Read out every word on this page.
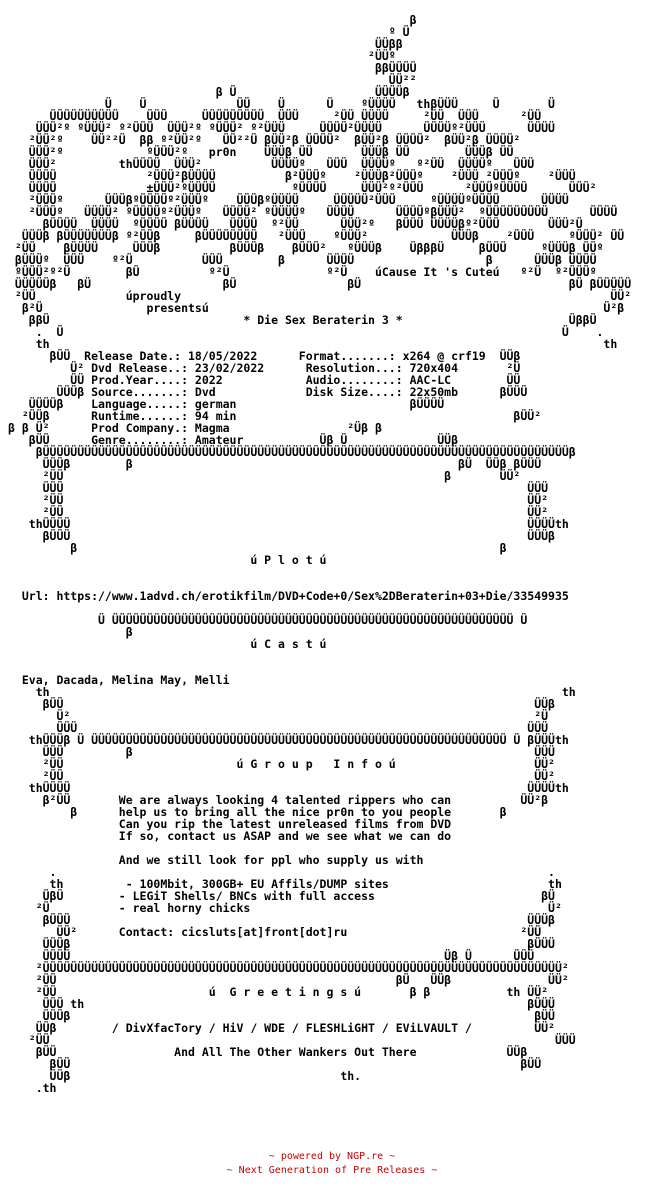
β
º Ü
ÜÜββ
²ÜÜº
ββÜÜÜÜ
ÜÜ²²
β Ü                    ÜÜÜÜβ
Ü    Ü             ÜÜ    Ü      Ü    ºÜÜÜÜ   thβÜÜÜ     Ü       Ü
ÜÜÜÜÜÜÜÜÜÜ    ÜÜÜ     ÜÜÜÜÜÜÜÜÜ  ÜÜÜ     ²ÜÜ ÜÜÜÜ     ²ÜÜ  ÜÜÜ      ²ÜÜ
ÜÜÜ²º ºÜÜÜ² º²ÜÜÜ  ÜÜÜ²º ºÜÜÜ² º²ÜÜÜ     ÜÜÜÜ²ÜÜÜÜ      ÜÜÜÜº²ÜÜÜ      ÜÜÜÜ
²ÜÜ²º    ÜÜ²²Ü  ββ º²ÜÜ²º   ÜÜ²²Ü βÜÜ²β ÜÜÜÜ²  βÜÜ²β ÜÜÜÜ²  βÜÜ²β ÜÜÜÜ²
ÜÜÜ²º            ºÜÜÜ²º   pr0n    ÜÜÜβ ÜÜ       ÜÜÜβ ÜÜ        ÜÜÜβ ÜÜ
ÜÜÜ²         thÜÜÜÜ  ÜÜÜ²          ÜÜÜÜº   ÜÜÜ  ÜÜÜÜº   º²ÜÜ  ÜÜÜÜº   ÜÜÜ
ÜÜÜÜ             ²ÜÜÜ²βÜÜÜÜ          β²ÜÜÜº    ²ÜÜÜβ²ÜÜÜº    ²ÜÜÜ ²ÜÜÜº    ²ÜÜÜ
ÜÜÜÜ             ±ÜÜÜ²ºÜÜÜÜ           ºÜÜÜÜ     ÜÜÜ²º²ÜÜÜ      ²ÜÜÜºÜÜÜÜ      ÜÜÜ²
²ÜÜÜº      ÜÜÜβºÜÜÜÜº²ÜÜÜº    ÜÜÜβºÜÜÜÜ     ÜÜÜÜÜ²ÜÜÜ     ºÜÜÜÜºÜÜÜÜ      ÜÜÜÜ
²ÜÜÜº   ÜÜÜÜ² ºÜÜÜÜº²ÜÜÜº   ÜÜÜÜ² ºÜÜÜÜº   ÜÜÜÜ      ÜÜÜÜºβÜÜÜ²  ºÜÜÜÜÜÜÜÜÜ      ÜÜÜÜ
βÜÜÜÜ  ÜÜÜÜ  ºÜÜÜÜ βÜÜÜÜ   ÜÜÜÜ  º²ÜÜ      ÜÜÜ²º   βÜÜÜ ÜÜÜÜβº²ÜÜÜ       ÜÜÜ²Ü
ÜÜÜβ βÜÜÜÜÜÜÜβ º²ÜÜβ     βÜÜÜÜÜÜÜÜ   ²ÜÜÜ    ºÜÜÜ²            ÜÜÜβ    ²ÜÜÜ     ºÜÜÜ² ÜÜ
²ÜÜ    βÜÜÜÜ     ÜÜÜβ          βÜÜÜβ    βÜÜÜ²   ºÜÜÜβ    ÜβββÜ     βÜÜÜ     ºÜÜÜβ ÜÜº
βÜÜÜº  ÜÜÜ    º²Ü          ÜÜÜ        β      ÜÜÜÜ                   β      ÜÜÜβ ÜÜÜÜ
ºÜÜÜ²º²Ü        βÜ          º²Ü              º²Ü    úCause It 's Cuteú   º²Ü  º²ÜÜÜº
ÜÜÜÜÜβ   βÜ                   βÜ                βÜ                              βÜ βÜÜÜÜÜ
²ÜÜ             úproudly                                                              ÜÜ²
β²Ü               presentsú                                                         Ü²β
ββÜ                            * Die Sex Beraterin 3 *                        ÜββÜ
.  Ü                                                                        Ü    .
th                                                                                th
βÜÜ  Release Date.: 18/05/2022      Format.......: x264 @ crf19  ÜÜβ
Ü² Dvd Release..: 23/02/2022      Resolution...: 720x404       ²Ü
ÜÜ Prod.Year....: 2022            Audio........: AAC-LC        ÜÜ
ÜÜÜβ Source.......: Dvd             Disk Size....: 22x50mb      βÜÜÜ
ÜÜÜÜβ    Language.....: german                         βÜÜÜÜ
²ÜÜβ      Runtime......: 94 min                                        βÜÜ²
β β Ü²      Prod Company.: Magma                 ²Üβ β
βÜÜ      Genre........: Amateur           Üβ Ü             ÜÜβ
βÜÜÜÜÜÜÜÜÜÜÜÜÜÜÜÜÜÜÜÜÜÜÜÜÜÜÜÜÜÜÜÜÜÜÜÜÜÜÜÜÜÜÜÜÜÜÜÜÜÜÜÜÜÜÜÜÜÜÜÜÜÜÜÜÜÜÜÜÜÜÜÜÜÜÜÜβ
ÜÜÜβ        β                                               βÜ  ÜÜβ βÜÜÜ
²ÜÜ                                                       β       ÜÜ²
ÜÜÜ                                                                   ÜÜÜ
²ÜÜ                                                                   ÜÜ²
²ÜÜ                                                                   ÜÜ²
thÜÜÜÜ                                                                  ÜÜÜÜth
βÜÜÜ                                                                  ÜÜÜβ
β                                                             β
ú P l o t ú

Url: https://www.1advd.ch/erotikfilm/DVD+Code+0/Sex%2DBeraterin+03+Die/33549935

Ü ÜÜÜÜÜÜÜÜÜÜÜÜÜÜÜÜÜÜÜÜÜÜÜÜÜÜÜÜÜÜÜÜÜÜÜÜÜÜÜÜÜÜÜÜÜÜÜÜÜÜÜÜÜÜÜÜÜÜ Ü
β
ú C a s t ú

Eva, Dacada, Melina May, Melli
th                                                                          th
βÜÜ                                                                    ÜÜβ
Ü²                                                                   ²Ü
ÜÜÜ                                                                 ÜÜÜ
thÜÜÜβ Ü ÜÜÜÜÜÜÜÜÜÜÜÜÜÜÜÜÜÜÜÜÜÜÜÜÜÜÜÜÜÜÜÜÜÜÜÜÜÜÜÜÜÜÜÜÜÜÜÜÜÜÜÜÜÜÜÜÜÜÜÜ Ü βÜÜÜth
ÜÜÜ         β                                                          ÜÜÜ
²ÜÜ                         ú G r o u p   I n f o ú                    ÜÜ²
²ÜÜ                                                                    ÜÜ²
thÜÜÜÜ                                                                  ÜÜÜÜth
β²ÜÜ       We are always looking 4 talented rippers who can          ÜÜ²β
β      help us to bring all the nice pr0n to you people       β
Can you rip the latest unreleased films from DVD
If so, contact us ASAP and we see what we can do

And we still look for ppl who supply us with
.                                                                       .
th         - 100Mbit, 300GB+ EU Affils/DUMP sites                       th
ÜβÜ        - LEGiT Shells/ BNCs with full access                        βÜ
²Ü          - real horny chicks                                           Ü²
βÜÜÜ                                                                  ÜÜÜβ
ÜÜ²      Contact: cicsluts[at]front[dot]ru                         ²ÜÜ
ÜÜÜβ                                                                  βÜÜÜ
ÜÜÜÜ                                                      Üβ Ü      ÜÜÜ
²ÜÜÜÜÜÜÜÜÜÜÜÜÜÜÜÜÜÜÜÜÜÜÜÜÜÜÜÜÜÜÜÜÜÜÜÜÜÜÜÜÜÜÜÜÜÜÜÜÜÜÜÜÜÜÜÜÜÜÜÜÜÜÜÜÜÜÜÜÜÜÜÜÜÜÜ²
²ÜÜ                                                 βÜ   ÜÜβ              ÜÜ²
²ÜÜ                      ú  G r e e t i n g s ú       β β           th ÜÜ²
ÜÜÜ th                                                                βÜÜÜ
ÜÜÜβ                                                                   βÜÜ
ÜÜβ        / DivXfacTory / HiV / WDE / FLESHLiGHT / EViLVAULT /         ÜÜ²
²ÜÜ                                                                         ÜÜÜ
βÜÜ                 And All The Other Wankers Out There             ÜÜβ
βÜÜ                                                                 βÜÜ
ÜÜβ                                       th.
.th
~ powered by NGP.re ~
~ Next Generation of Pre Releases ~
